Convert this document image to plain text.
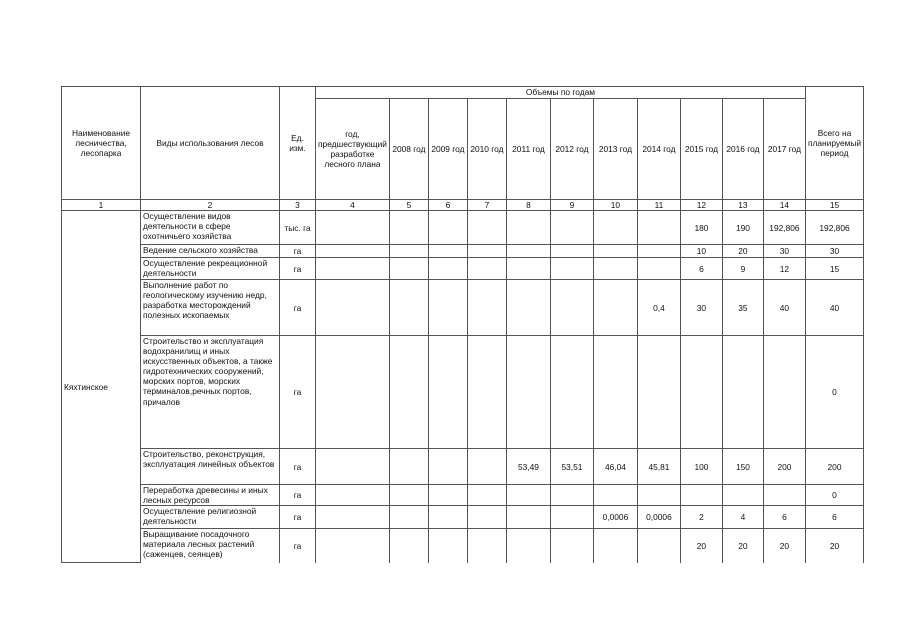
Наименование лесничества, лесопарка	Виды использования лесов	Ед. изм.	Объемы по годам											Всего на планируемый период
			год, предшествующий разработке лесного плана	2008 год	2009 год	2010 год	2011 год	2012 год	2013 год	2014 год	2015 год	2016 год	2017 год	
1	2	3	4	5	6	7	8	9	10	11	12	13	14	15
Кяхтинское	Осуществление видов деятельности в сфере охотничьего хозяйства	тыс. га									180	190	192,806	192,806
	Ведение сельского хозяйства	га									10	20	30	30
	Осуществление рекреационной деятельности	га									6	9	12	15
	Выполнение работ по геологическому изучению недр, разработка месторождений полезных ископаемых	га								0,4	30	35	40	40
	Строительство и эксплуатация водохранилищ и иных искусственных объектов, а также гидротехнических сооружений, морских портов, морских терминалов,речных портов, причалов	га												0
	Строительство, реконструкция, эксплуатация линейных объектов	га					53,49	53,51	46,04	45,81	100	150	200	200
	Переработка древесины и иных лесных ресурсов	га												0
	Осуществление религиозной деятельности	га							0,0006	0,0006	2	4	6	6
	Выращивание посадочного материала лесных растений (саженцев, сеянцев)	га									20	20	20	20
